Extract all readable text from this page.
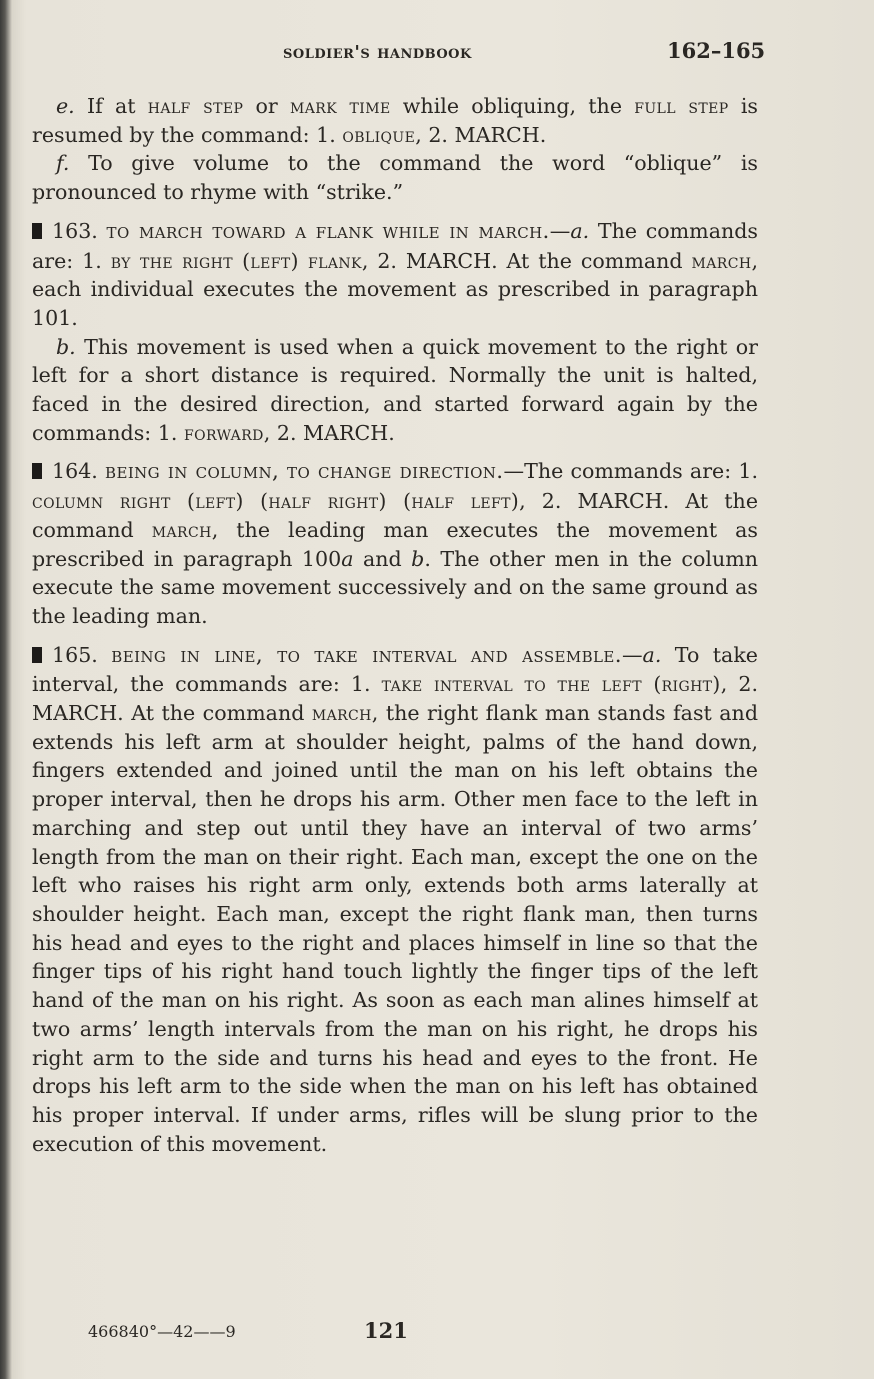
soldier's handbook	162–165

e. If at half step or mark time while obliquing, the full step is resumed by the command: 1. oblique, 2. MARCH.

f. To give volume to the command the word “oblique” is pronounced to rhyme with “strike.”

163. to march toward a flank while in march.—a. The commands are: 1. by the right (left) flank, 2. MARCH. At the command march, each individual executes the movement as prescribed in paragraph 101.

b. This movement is used when a quick movement to the right or left for a short distance is required. Normally the unit is halted, faced in the desired direction, and started forward again by the commands: 1. forward, 2. MARCH.

164. being in column, to change direction.—The commands are: 1. column right (left) (half right) (half left), 2. MARCH. At the command march, the leading man executes the movement as prescribed in paragraph 100a and b. The other men in the column execute the same movement successively and on the same ground as the leading man.

165. being in line, to take interval and assemble.—a. To take interval, the commands are: 1. take interval to the left (right), 2. MARCH. At the command march, the right flank man stands fast and extends his left arm at shoulder height, palms of the hand down, fingers extended and joined until the man on his left obtains the proper interval, then he drops his arm. Other men face to the left in marching and step out until they have an interval of two arms’ length from the man on their right. Each man, except the one on the left who raises his right arm only, extends both arms laterally at shoulder height. Each man, except the right flank man, then turns his head and eyes to the right and places himself in line so that the finger tips of his right hand touch lightly the finger tips of the left hand of the man on his right. As soon as each man alines himself at two arms’ length intervals from the man on his right, he drops his right arm to the side and turns his head and eyes to the front. He drops his left arm to the side when the man on his left has obtained his proper interval. If under arms, rifles will be slung prior to the execution of this movement.

466840°—42——9	121
